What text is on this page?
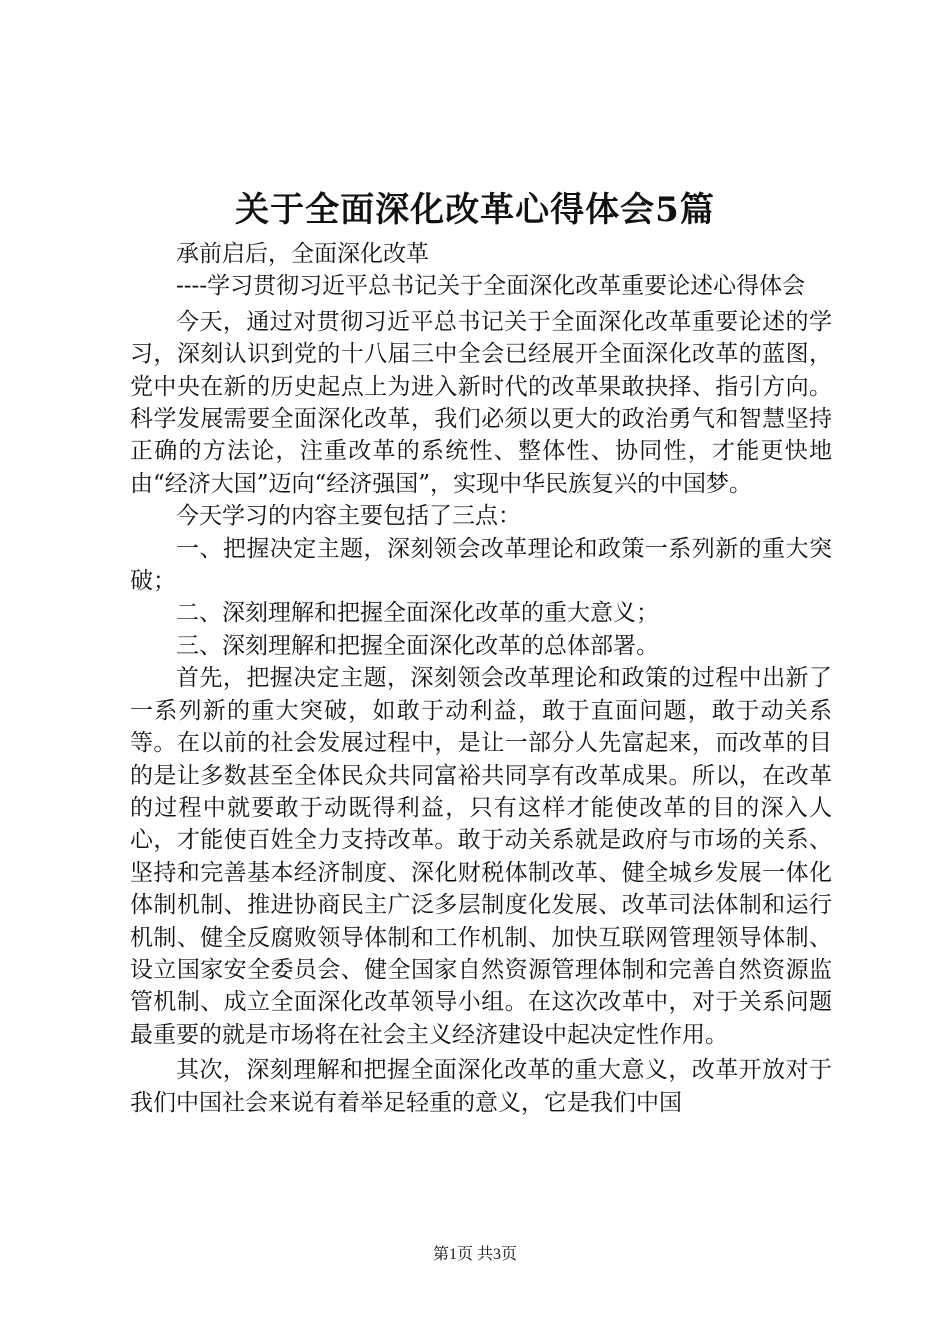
关于全面深化改革心得体会5篇

承前启后，全面深化改革

----学习贯彻习近平总书记关于全面深化改革重要论述心得体会

今天，通过对贯彻习近平总书记关于全面深化改革重要论述的学习，深刻认识到党的十八届三中全会已经展开全面深化改革的蓝图，党中央在新的历史起点上为进入新时代的改革果敢抉择、指引方向。科学发展需要全面深化改革，我们必须以更大的政治勇气和智慧坚持正确的方法论，注重改革的系统性、整体性、协同性，才能更快地由“经济大国”迈向“经济强国”，实现中华民族复兴的中国梦。

今天学习的内容主要包括了三点：

一、把握决定主题，深刻领会改革理论和政策一系列新的重大突破；

二、深刻理解和把握全面深化改革的重大意义；

三、深刻理解和把握全面深化改革的总体部署。

首先，把握决定主题，深刻领会改革理论和政策的过程中出新了一系列新的重大突破，如敢于动利益，敢于直面问题，敢于动关系等。在以前的社会发展过程中，是让一部分人先富起来，而改革的目的是让多数甚至全体民众共同富裕共同享有改革成果。所以，在改革的过程中就要敢于动既得利益，只有这样才能使改革的目的深入人心，才能使百姓全力支持改革。敢于动关系就是政府与市场的关系、坚持和完善基本经济制度、深化财税体制改革、健全城乡发展一体化体制机制、推进协商民主广泛多层制度化发展、改革司法体制和运行机制、健全反腐败领导体制和工作机制、加快互联网管理领导体制、设立国家安全委员会、健全国家自然资源管理体制和完善自然资源监管机制、成立全面深化改革领导小组。在这次改革中，对于关系问题最重要的就是市场将在社会主义经济建设中起决定性作用。

其次，深刻理解和把握全面深化改革的重大意义，改革开放对于我们中国社会来说有着举足轻重的意义，它是我们中国

第1页 共3页
